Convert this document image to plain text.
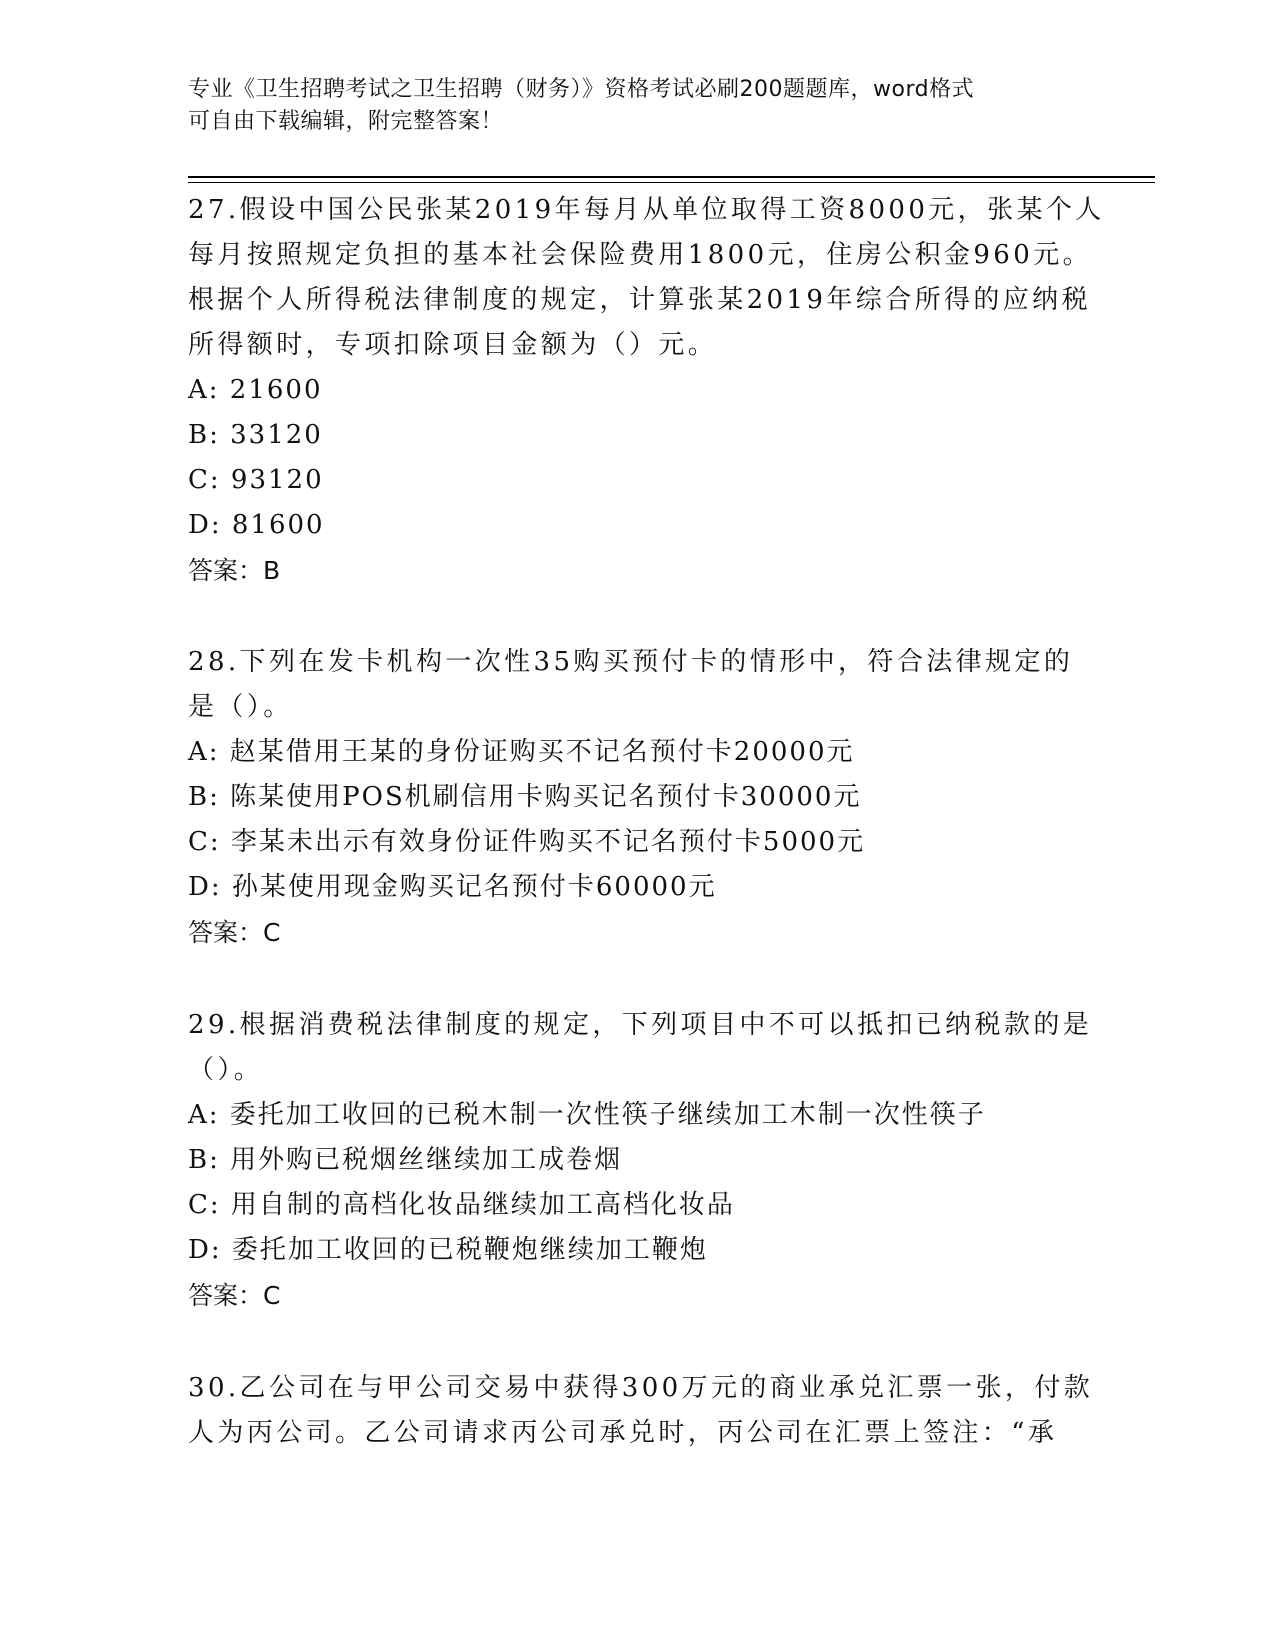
专业《卫生招聘考试之卫生招聘（财务）》资格考试必刷200题题库，word格式
可自由下载编辑，附完整答案！
27.假设中国公民张某2019年每月从单位取得工资8000元，张某个人
每月按照规定负担的基本社会保险费用1800元，住房公积金960元。
根据个人所得税法律制度的规定，计算张某2019年综合所得的应纳税
所得额时，专项扣除项目金额为（）元。
A: 21600
B: 33120
C: 93120
D: 81600
答案：B
28.下列在发卡机构一次性35购买预付卡的情形中，符合法律规定的
是（）。
A: 赵某借用王某的身份证购买不记名预付卡20000元
B: 陈某使用POS机刷信用卡购买记名预付卡30000元
C: 李某未出示有效身份证件购买不记名预付卡5000元
D: 孙某使用现金购买记名预付卡60000元
答案：C
29.根据消费税法律制度的规定，下列项目中不可以抵扣已纳税款的是
（）。
A: 委托加工收回的已税木制一次性筷子继续加工木制一次性筷子
B: 用外购已税烟丝继续加工成卷烟
C: 用自制的高档化妆品继续加工高档化妆品
D: 委托加工收回的已税鞭炮继续加工鞭炮
答案：C
30.乙公司在与甲公司交易中获得300万元的商业承兑汇票一张，付款
人为丙公司。乙公司请求丙公司承兑时，丙公司在汇票上签注：“承
